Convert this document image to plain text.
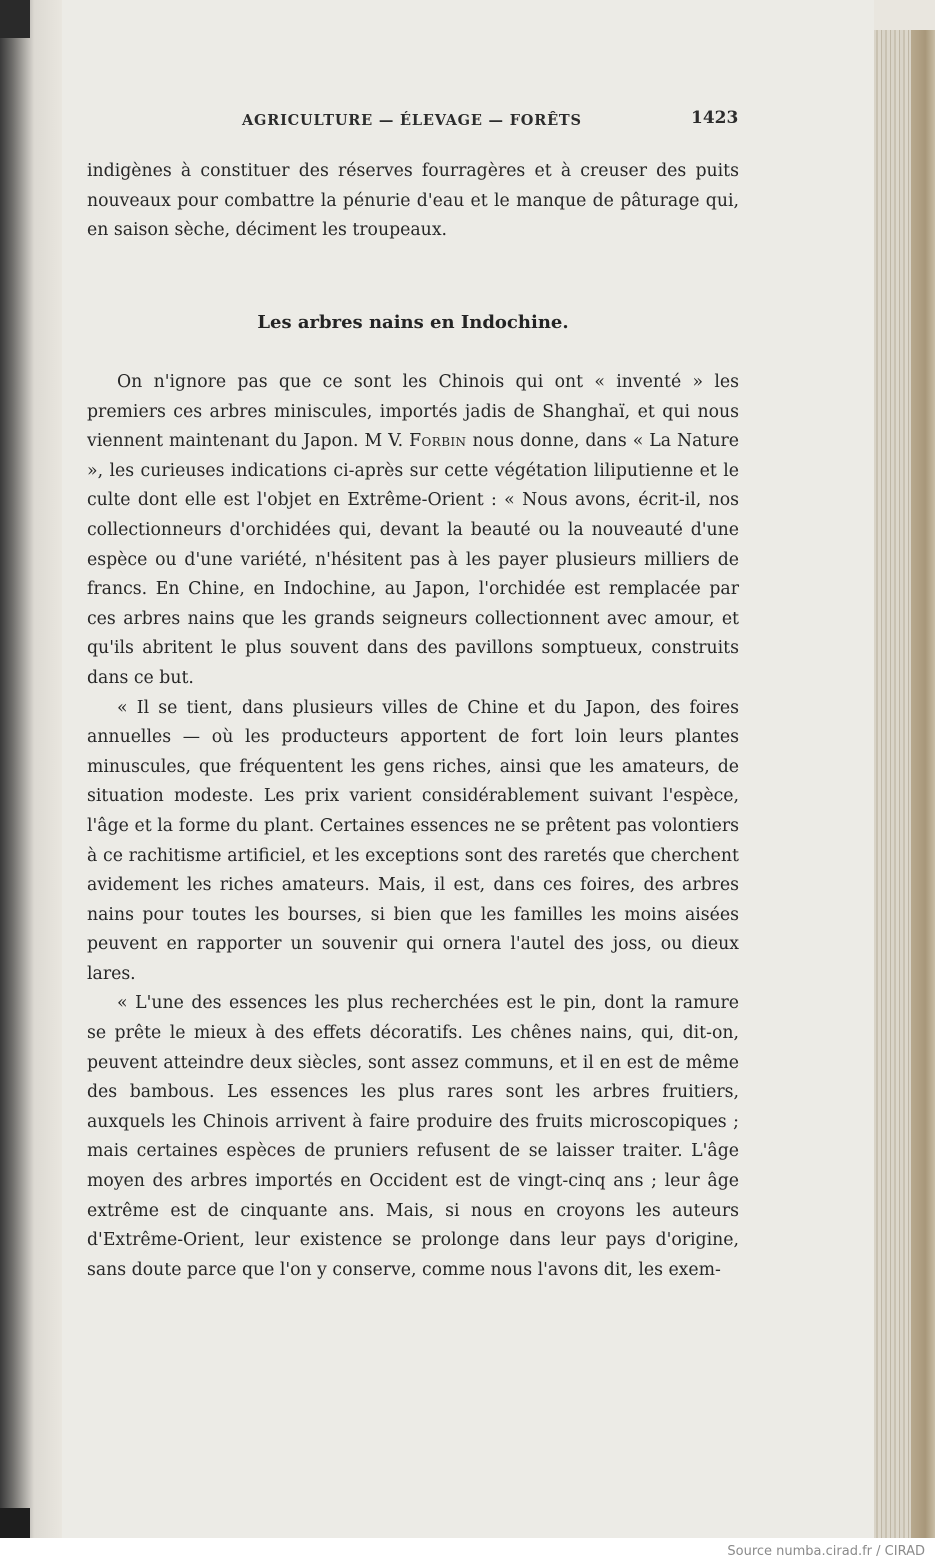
AGRICULTURE — ÉLEVAGE — FORÊTS	1423
indigènes à constituer des réserves fourragères et à creuser des puits nouveaux pour combattre la pénurie d'eau et le manque de pâturage qui, en saison sèche, déciment les troupeaux.
Les arbres nains en Indochine.

On n'ignore pas que ce sont les Chinois qui ont « inventé » les premiers ces arbres miniscules, importés jadis de Shanghaï, et qui nous viennent maintenant du Japon. M V. Forbin nous donne, dans « La Nature », les curieuses indications ci-après sur cette végétation liliputienne et le culte dont elle est l'objet en Extrême-Orient : « Nous avons, écrit-il, nos collectionneurs d'orchidées qui, devant la beauté ou la nouveauté d'une espèce ou d'une variété, n'hésitent pas à les payer plusieurs milliers de francs. En Chine, en Indochine, au Japon, l'orchidée est remplacée par ces arbres nains que les grands seigneurs collectionnent avec amour, et qu'ils abritent le plus souvent dans des pavillons somptueux, construits dans ce but.

« Il se tient, dans plusieurs villes de Chine et du Japon, des foires annuelles — où les producteurs apportent de fort loin leurs plantes minuscules, que fréquentent les gens riches, ainsi que les amateurs, de situation modeste. Les prix varient considérablement suivant l'espèce, l'âge et la forme du plant. Certaines essences ne se prêtent pas volontiers à ce rachitisme artificiel, et les exceptions sont des raretés que cherchent avidement les riches amateurs. Mais, il est, dans ces foires, des arbres nains pour toutes les bourses, si bien que les familles les moins aisées peuvent en rapporter un souvenir qui ornera l'autel des joss, ou dieux lares.

« L'une des essences les plus recherchées est le pin, dont la ramure se prête le mieux à des effets décoratifs. Les chênes nains, qui, dit-on, peuvent atteindre deux siècles, sont assez communs, et il en est de même des bambous. Les essences les plus rares sont les arbres fruitiers, auxquels les Chinois arrivent à faire produire des fruits microscopiques ; mais certaines espèces de pruniers refusent de se laisser traiter. L'âge moyen des arbres importés en Occident est de vingt-cinq ans ; leur âge extrême est de cinquante ans. Mais, si nous en croyons les auteurs d'Extrême-Orient, leur existence se prolonge dans leur pays d'origine, sans doute parce que l'on y conserve, comme nous l'avons dit, les exem-

Source numba.cirad.fr / CIRAD
